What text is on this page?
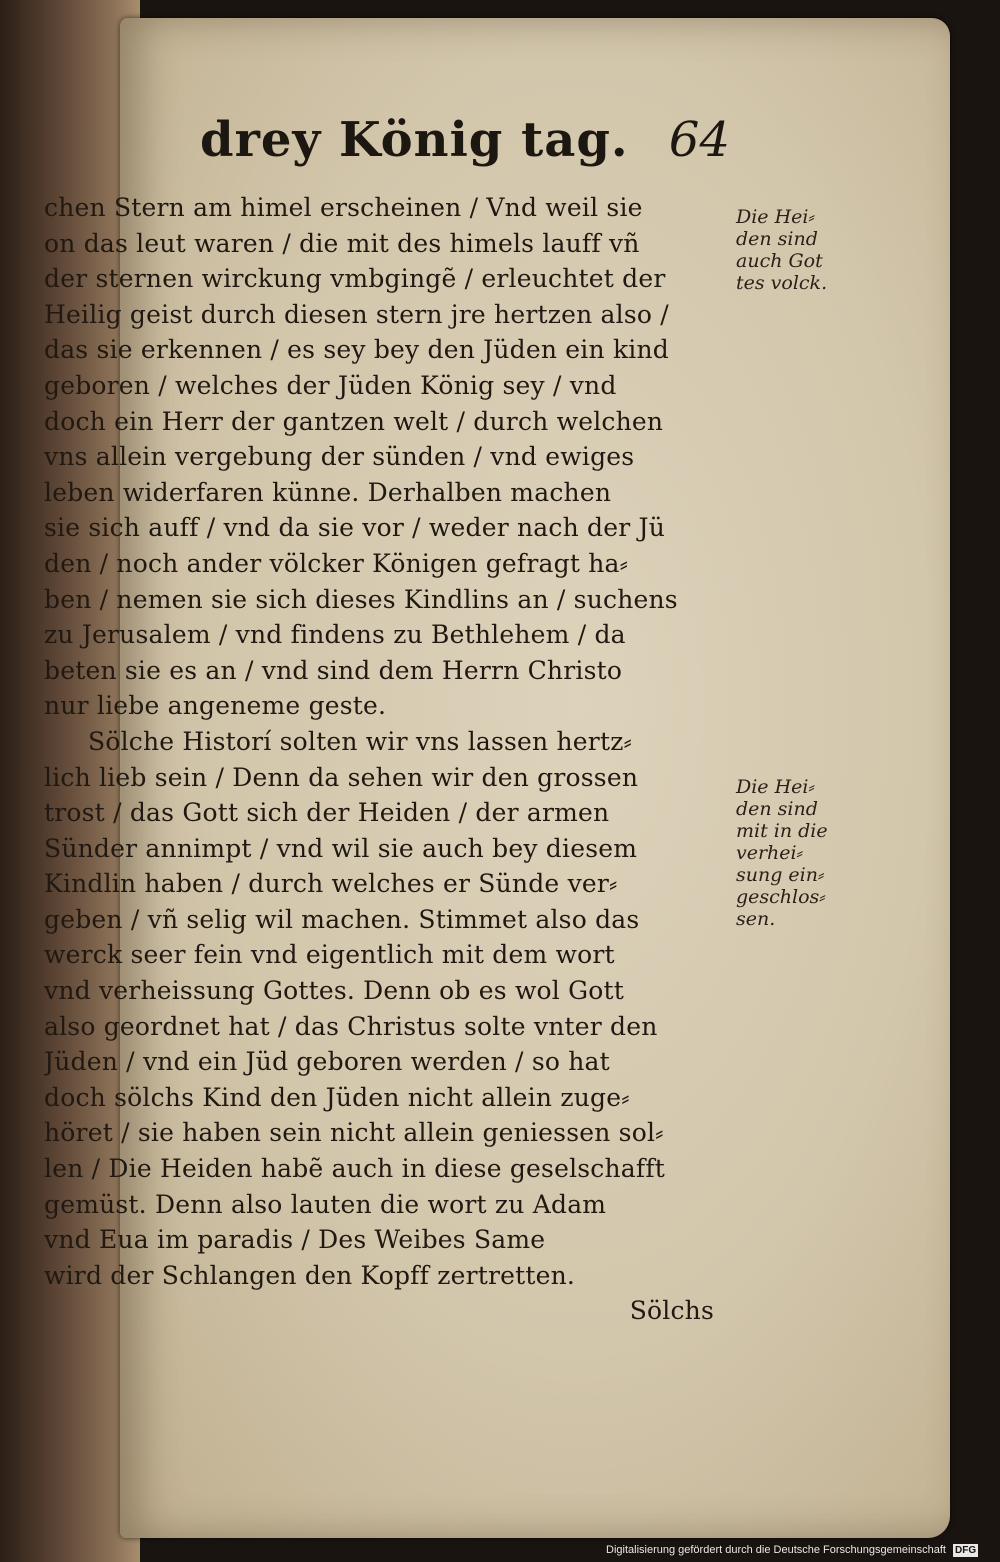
drey König tag. 64
chen Stern am himel erscheinen / Vnd weil sie
on das leut waren / die mit des himels lauff vñ
der sternen wirckung vmbgingẽ / erleuchtet der
Heilig geist durch diesen stern jre hertzen also /
das sie erkennen / es sey bey den Jüden ein kind
geboren / welches der Jüden König sey / vnd
doch ein Herr der gantzen welt / durch welchen
vns allein vergebung der sünden / vnd ewiges
leben widerfaren künne. Derhalben machen
sie sich auff / vnd da sie vor / weder nach der Jü
den / noch ander völcker Königen gefragt ha⸗
ben / nemen sie sich dieses Kindlins an / suchens
zu Jerusalem / vnd findens zu Bethlehem / da
beten sie es an / vnd sind dem Herrn Christo
nur liebe angeneme geste.
Sölche Historí solten wir vns lassen hertz⸗
lich lieb sein / Denn da sehen wir den grossen
trost / das Gott sich der Heiden / der armen
Sünder annimpt / vnd wil sie auch bey diesem
Kindlin haben / durch welches er Sünde ver⸗
geben / vñ selig wil machen. Stimmet also das
werck seer fein vnd eigentlich mit dem wort
vnd verheissung Gottes. Denn ob es wol Gott
also geordnet hat / das Christus solte vnter den
Jüden / vnd ein Jüd geboren werden / so hat
doch sölchs Kind den Jüden nicht allein zuge⸗
höret / sie haben sein nicht allein geniessen sol⸗
len / Die Heiden habẽ auch in diese geselschafft
gemüst. Denn also lauten die wort zu Adam
vnd Eua im paradis / Des Weibes Same
wird der Schlangen den Kopff zertretten.
Sölchs
Die Hei⸗
den sind
auch Got
tes volck.
Die Hei⸗
den sind
mit in die
verhei⸗
sung ein⸗
geschlos⸗
sen.
Digitalisierung gefördert durch die Deutsche Forschungsgemeinschaft DFG
